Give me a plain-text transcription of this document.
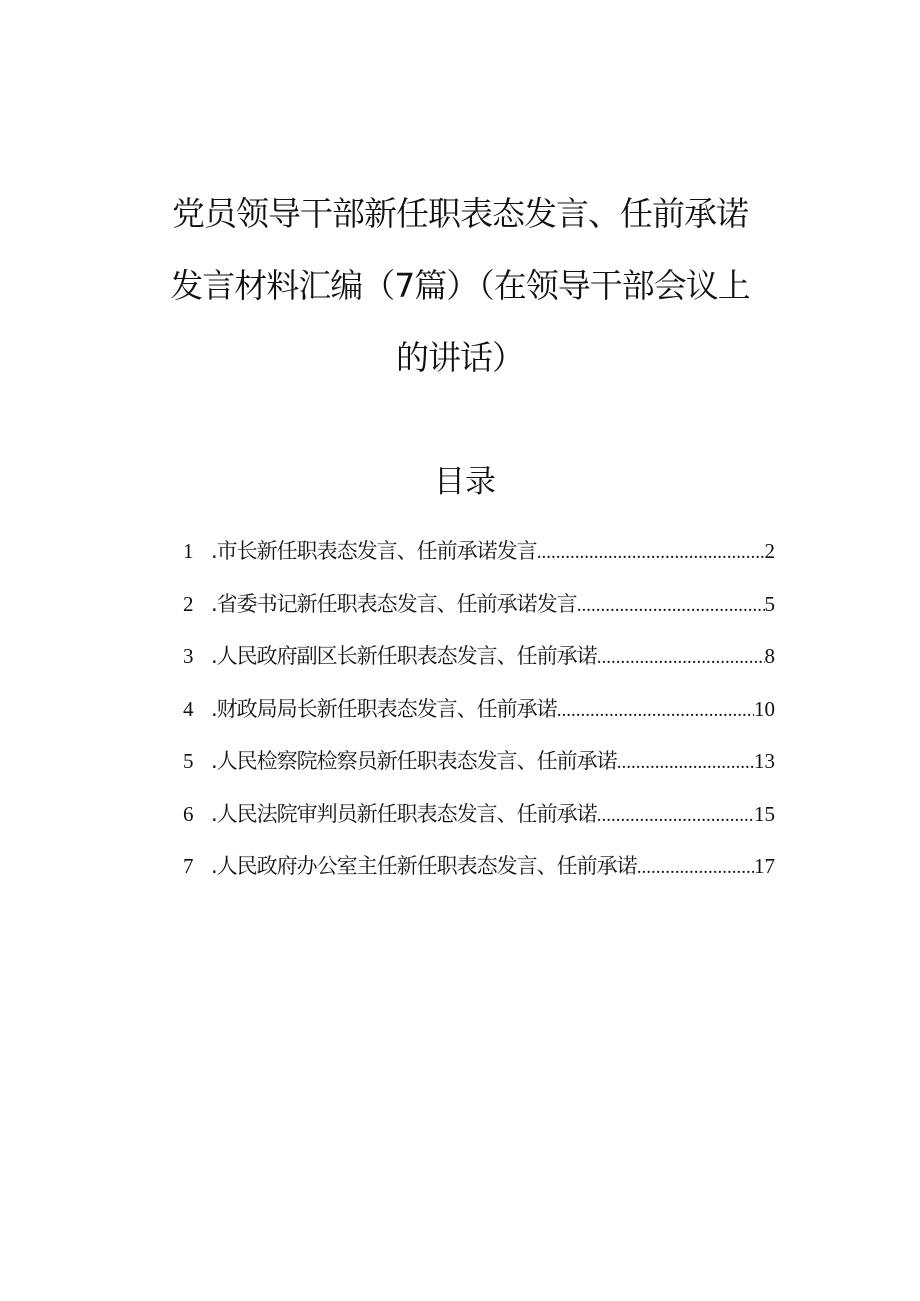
党员领导干部新任职表态发言、任前承诺
发言材料汇编（7篇）（在领导干部会议上
的讲话）
目录
1 .市长新任职表态发言、任前承诺发言 .....	2
2 .省委书记新任职表态发言、任前承诺发言 .....	5
3 .人民政府副区长新任职表态发言、任前承诺 .....	8
4 .财政局局长新任职表态发言、任前承诺 .....	10
5 .人民检察院检察员新任职表态发言、任前承诺 .....	13
6 .人民法院审判员新任职表态发言、任前承诺 .....	15
7 .人民政府办公室主任新任职表态发言、任前承诺 .....	17
